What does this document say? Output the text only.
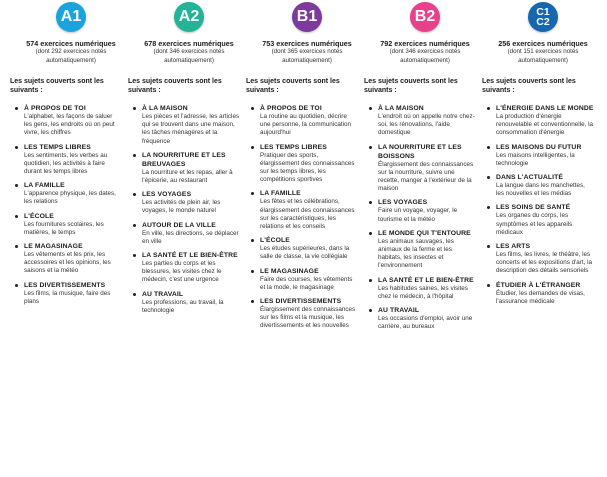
A1
574 exercices numériques
(dont 292 exercices notés automatiquement)
Les sujets couverts sont les suivants :
À PROPOS DE TOI
L'alphabet, les façons de saluer les gens, les endroits où on peut vivre, les chiffres
LES TEMPS LIBRES
Les sentiments, les verbes au quotidien, les activités à faire durant les temps libres
LA FAMILLE
L'apparence physique, les dates, les relations
L'ÉCOLE
Les fournitures scolaires, les matières, le temps
LE MAGASINAGE
Les vêtements et les prix, les accessoires et les opinions, les saisons et la météo
LES DIVERTISSEMENTS
Les films, la musique, faire des plans
A2
678 exercices numériques
(dont 346 exercices notés automatiquement)
Les sujets couverts sont les suivants :
À LA MAISON
Les pièces et l'adresse, les articles qui se trouvent dans une maison, les tâches ménagères et la fréquence
LA NOURRITURE ET LES BREUVAGES
La nourriture et les repas, aller à l'épicerie, au restaurant
LES VOYAGES
Les activités de plein air, les voyages, le monde naturel
AUTOUR DE LA VILLE
En ville, les directions, se déplacer en ville
LA SANTÉ ET LE BIEN-ÊTRE
Les parties du corps et les blessures, les visites chez le médecin, c'est une urgence
AU TRAVAIL
Les professions, au travail, la technologie
B1
753 exercices numériques
(dont 365 exercices notés automatiquement)
Les sujets couverts sont les suivants :
À PROPOS DE TOI
La routine au quotidien, décrire une personne, la communication aujourd'hui
LES TEMPS LIBRES
Pratiquer des sports, élargissement des connaissances sur les temps libres, les compétitions sportives
LA FAMILLE
Les fêtes et les célébrations, élargissement des connaissances sur les caractéristiques, les relations et les conseils
L'ÉCOLE
Les études supérieures, dans la salle de classe, la vie collégiale
LE MAGASINAGE
Faire des courses, les vêtements et la mode, le magasinage
LES DIVERTISSEMENTS
Élargissement des connaissances sur les films et la musique, les divertissements et les nouvelles
B2
792 exercices numériques
(dont 346 exercices notés automatiquement)
Les sujets couverts sont les suivants :
À LA MAISON
L'endroit où on appelle notre chez-soi, les rénovations, l'aide domestique
LA NOURRITURE ET LES BOISSONS
Élargissement des connaissances sur la nourriture, suivre une recette, manger à l'extérieur de la maison
LES VOYAGES
Faire un voyage, voyager, le tourisme et la météo
LE MONDE QUI T'ENTOURE
Les animaux sauvages, les animaux de la ferme et les habitats, les insectes et l'environnement
LA SANTÉ ET LE BIEN-ÊTRE
Les habitudes saines, les visites chez le médecin, à l'hôpital
AU TRAVAIL
Les occasions d'emploi, avoir une carrière, au bureaux
C1
C2
256 exercices numériques
(dont 151 exercices notés automatiquement)
Les sujets couverts sont les suivants :
L'ÉNERGIE DANS LE MONDE
La production d'énergie renouvelable et conventionnelle, la consommation d'énergie
LES MAISONS DU FUTUR
Les maisons intelligentes, la technologie
DANS L'ACTUALITÉ
La langue dans les manchettes, les nouvelles et les médias
LES SOINS DE SANTÉ
Les organes du corps, les symptômes et les appareils médicaux
LES ARTS
Les films, les livres, le théâtre, les concerts et les expositions d'art, la description des détails sensoriels
ÉTUDIER À L'ÉTRANGER
Étudier, les demandes de visas, l'assurance médicale
